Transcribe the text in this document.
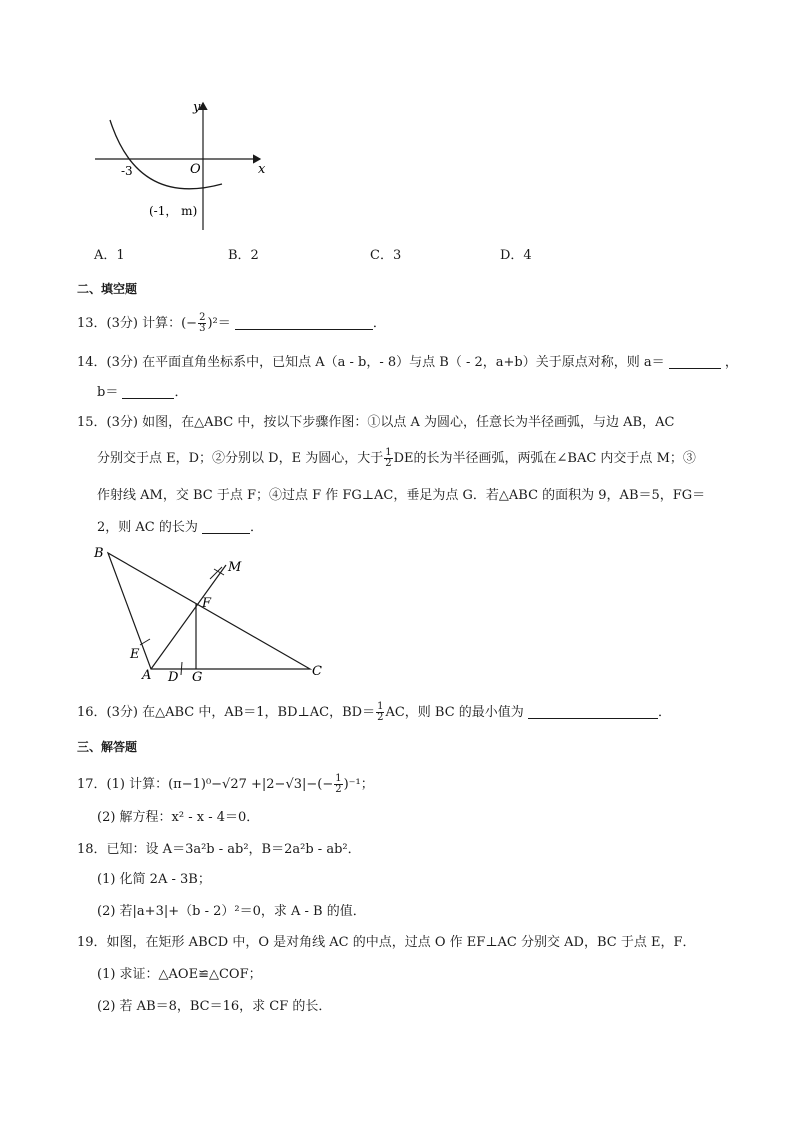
y
x
O
-3
(-1， m)
A．1	B．2	C．3	D．4
二、填空题
13．(3分) 计算：(− $\frac{2}{3} )^2=$	．
14．(3分) 在平面直角坐标系中，已知点 A（a - b，- 8）与点 B（ - 2，a+b）关于原点对称，则 a＝	，
b＝	．
15．(3分) 如图，在△ABC 中，按以下步骤作图：①以点 A 为圆心，任意长为半径画弧，与边 AB，AC
分别交于点 E，D；②分别以 D，E 为圆心，大于 $\frac{1}{2}$ DE的长为半径画弧，两弧在∠BAC 内交于点 M；③
作射线 AM，交 BC 于点 F；④过点 F 作 FG⊥AC，垂足为点 G．若△ABC 的面积为 9，AB＝5，FG＝
2，则 AC 的长为	．
B
M
F
E
A D G	C
16．(3分) 在△ABC 中，AB＝1，BD⊥AC，$BD= \frac{1}{2}$ AC，则 BC 的最小值为	．
三、解答题
17．(1) 计算：$(\pi-1)^0-√27 +|2-√3|-(- \frac{1}{2} )^{-1}$；
(2) 解方程：x² - x - 4＝0．
18．已知：设 A＝3a²b - ab²，B＝2a²b - ab²．
(1) 化简 2A - 3B；
(2) 若|a+3|+（b - 2）²＝0，求 A - B 的值．
19．如图，在矩形 ABCD 中，O 是对角线 AC 的中点，过点 O 作 EF⊥AC 分别交 AD，BC 于点 E，F．
(1) 求证：△AOE≌△COF；
(2) 若 AB＝8，BC＝16，求 CF 的长．
